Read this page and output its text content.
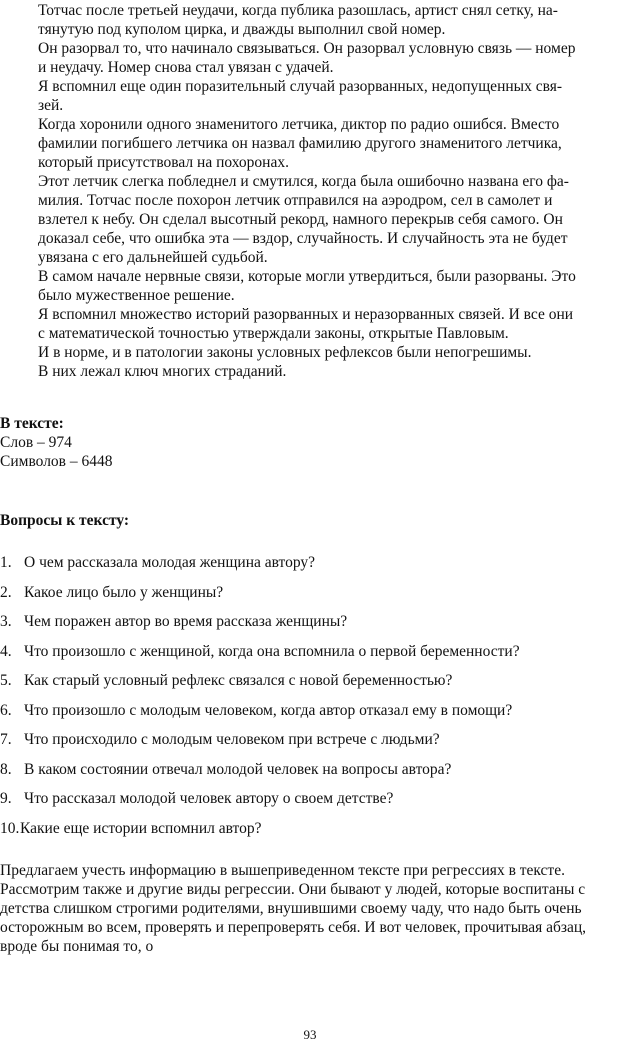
Тотчас после третьей неудачи, когда публика разошлась, артист снял сетку, на-
тянутую под куполом цирка, и дважды выполнил свой номер.

Он разорвал то, что начинало связываться. Он разорвал условную связь — номер
и неудачу. Номер снова стал увязан с удачей.

Я вспомнил еще один поразительный случай разорванных, недопущенных свя-
зей.

Когда хоронили одного знаменитого летчика, диктор по радио ошибся. Вместо
фамилии погибшего летчика он назвал фамилию другого знаменитого летчика,
который присутствовал на похоронах.

Этот летчик слегка побледнел и смутился, когда была ошибочно названа его фа-
милия. Тотчас после похорон летчик отправился на аэродром, сел в самолет и
взлетел к небу. Он сделал высотный рекорд, намного перекрыв себя самого. Он
доказал себе, что ошибка эта — вздор, случайность. И случайность эта не будет
увязана с его дальнейшей судьбой.

В самом начале нервные связи, которые могли утвердиться, были разорваны. Это
было мужественное решение.

Я вспомнил множество историй разорванных и неразорванных связей. И все они
с математической точностью утверждали законы, открытые Павловым.

И в норме, и в патологии законы условных рефлексов были непогрешимы.

В них лежал ключ многих страданий.

В тексте:
Слов – 974
Символов – 6448
Вопросы к тексту:
1. О чем рассказала молодая женщина автору?
2. Какое лицо было у женщины?
3. Чем поражен автор во время рассказа женщины?
4. Что произошло с женщиной, когда она вспомнила о первой беременности?
5. Как старый условный рефлекс связался с новой беременностью?
6. Что произошло с молодым человеком, когда автор отказал ему в помощи?
7. Что происходило с молодым человеком при встрече с людьми?
8. В каком состоянии отвечал молодой человек на вопросы автора?
9. Что рассказал молодой человек автору о своем детстве?
10. Какие еще истории вспомнил автор?
Предлагаем учесть информацию в вышеприведенном тексте при регрессиях в тексте.
Рассмотрим также и другие виды регрессии. Они бывают у людей, которые воспитаны с
детства слишком строгими родителями, внушившими своему чаду, что надо быть очень
осторожным во всем, проверять и перепроверять себя. И вот человек, прочитывая абзац,
вроде бы понимая то, о
93
